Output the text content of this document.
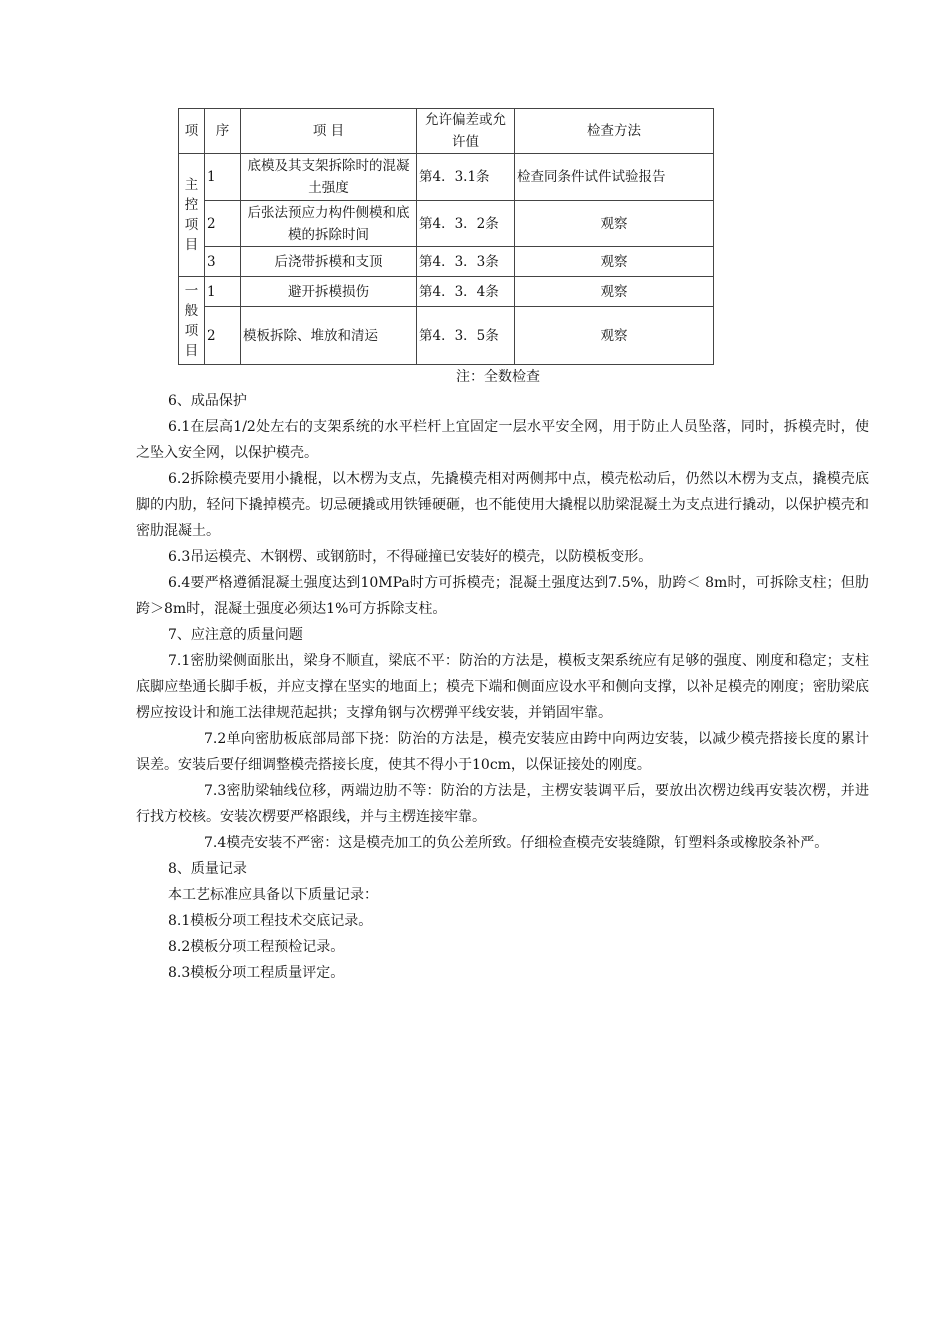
项	序	项 目	允许偏差或允许值	检查方法
主控项目	1	底模及其支架拆除时的混凝土强度	第4．3.1条	检查同条件试件试验报告
	2	后张法预应力构件侧模和底模的拆除时间	第4．3．2条	观察
	3	后浇带拆模和支顶	第4．3．3条	观察
一般项目	1	避开拆模损伤	第4．3．4条	观察
	2	模板拆除、堆放和清运	第4．3．5条	观察
注：全数检查

6、成品保护

6.1在层高1/2处左右的支架系统的水平栏杆上宜固定一层水平安全网，用于防止人员坠落，同时，拆模壳时，使之坠入安全网，以保护模壳。

6.2拆除模壳要用小撬棍，以木楞为支点，先撬模壳相对两侧邦中点，模壳松动后，仍然以木楞为支点，撬模壳底脚的内肋，轻问下撬掉模壳。切忌硬撬或用铁锤硬砸，也不能使用大撬棍以肋梁混凝土为支点进行撬动，以保护模壳和密肋混凝土。

6.3吊运模壳、木钢楞、或钢筋时，不得碰撞已安装好的模壳，以防模板变形。

6.4要严格遵循混凝土强度达到10MPa时方可拆模壳；混凝土强度达到7.5%，肋跨＜ 8m时，可拆除支柱；但肋跨＞8m时，混凝土强度必须达1%可方拆除支柱。

7、应注意的质量问题

7.1密肋梁侧面胀出，梁身不顺直，梁底不平：防治的方法是，模板支架系统应有足够的强度、刚度和稳定；支柱底脚应垫通长脚手板，并应支撑在坚实的地面上；模壳下端和侧面应设水平和侧向支撑，以补足模壳的刚度；密肋梁底楞应按设计和施工法律规范起拱；支撑角钢与次楞弹平线安装，并销固牢靠。

7.2单向密肋板底部局部下挠：防治的方法是，模壳安装应由跨中向两边安装，以减少模壳搭接长度的累计误差。安装后要仔细调整模壳搭接长度，使其不得小于10cm，以保证接处的刚度。

7.3密肋梁轴线位移，两端边肋不等：防治的方法是，主楞安装调平后，要放出次楞边线再安装次楞，并进行找方校核。安装次楞要严格跟线，并与主楞连接牢靠。

7.4模壳安装不严密：这是模壳加工的负公差所致。仔细检查模壳安装缝隙，钉塑料条或橡胶条补严。

8、质量记录

本工艺标准应具备以下质量记录：

8.1模板分项工程技术交底记录。

8.2模板分项工程预检记录。

8.3模板分项工程质量评定。
